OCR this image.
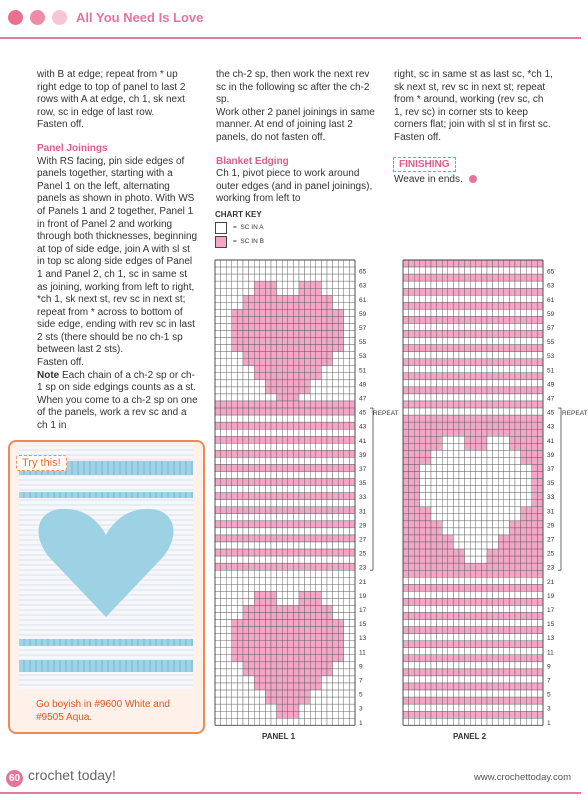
All You Need Is Love

with B at edge; repeat from * up right edge to top of panel to last 2 rows with A at edge, ch 1, sk next row, sc in edge of last row.

Fasten off.

Panel Joinings

With RS facing, pin side edges of panels together, starting with a Panel 1 on the left, alternating panels as shown in photo. With WS of Panels 1 and 2 together, Panel 1 in front of Panel 2 and working through both thicknesses, beginning at top of side edge, join A with sl st in top sc along side edges of Panel 1 and Panel 2, ch 1, sc in same st as joining, working from left to right, *ch 1, sk next st, rev sc in next st; repeat from * across to bottom of side edge, ending with rev sc in last 2 sts (there should be no ch-1 sp between last 2 sts).

Fasten off.

Note Each chain of a ch-2 sp or ch-1 sp on side edgings counts as a st. When you come to a ch-2 sp on one of the panels, work a rev sc and a ch 1 in

the ch-2 sp, then work the next rev sc in the following sc after the ch-2 sp.

Work other 2 panel joinings in same manner. At end of joining last 2 panels, do not fasten off.

Blanket Edging

Ch 1, pivot piece to work around outer edges (and in panel joinings), working from left to

right, sc in same st as last sc, *ch 1, sk next st, rev sc in next st; repeat from * around, working (rev sc, ch 1, rev sc) in corner sts to keep corners flat; join with sl st in first sc.

Fasten off.

FINISHING
Weave in ends.
Try this!
Go boyish in #9600 White and #9505 Aqua.
CHART KEY
= SC IN A
= SC IN B
65
63
61
59
57
55
53
51
49
47
45
43
41
39
37
35
33
31
29
27
25
23
21
19
17
15
13
11
9
7
5
3
1
65
63
61
59
57
55
53
51
49
47
45
43
41
39
37
35
33
31
29
27
25
23
21
19
17
15
13
11
9
7
5
3
1
PANEL 1	PANEL 2
REPEAT	REPEAT
60 crochet today!	www.crochettoday.com
